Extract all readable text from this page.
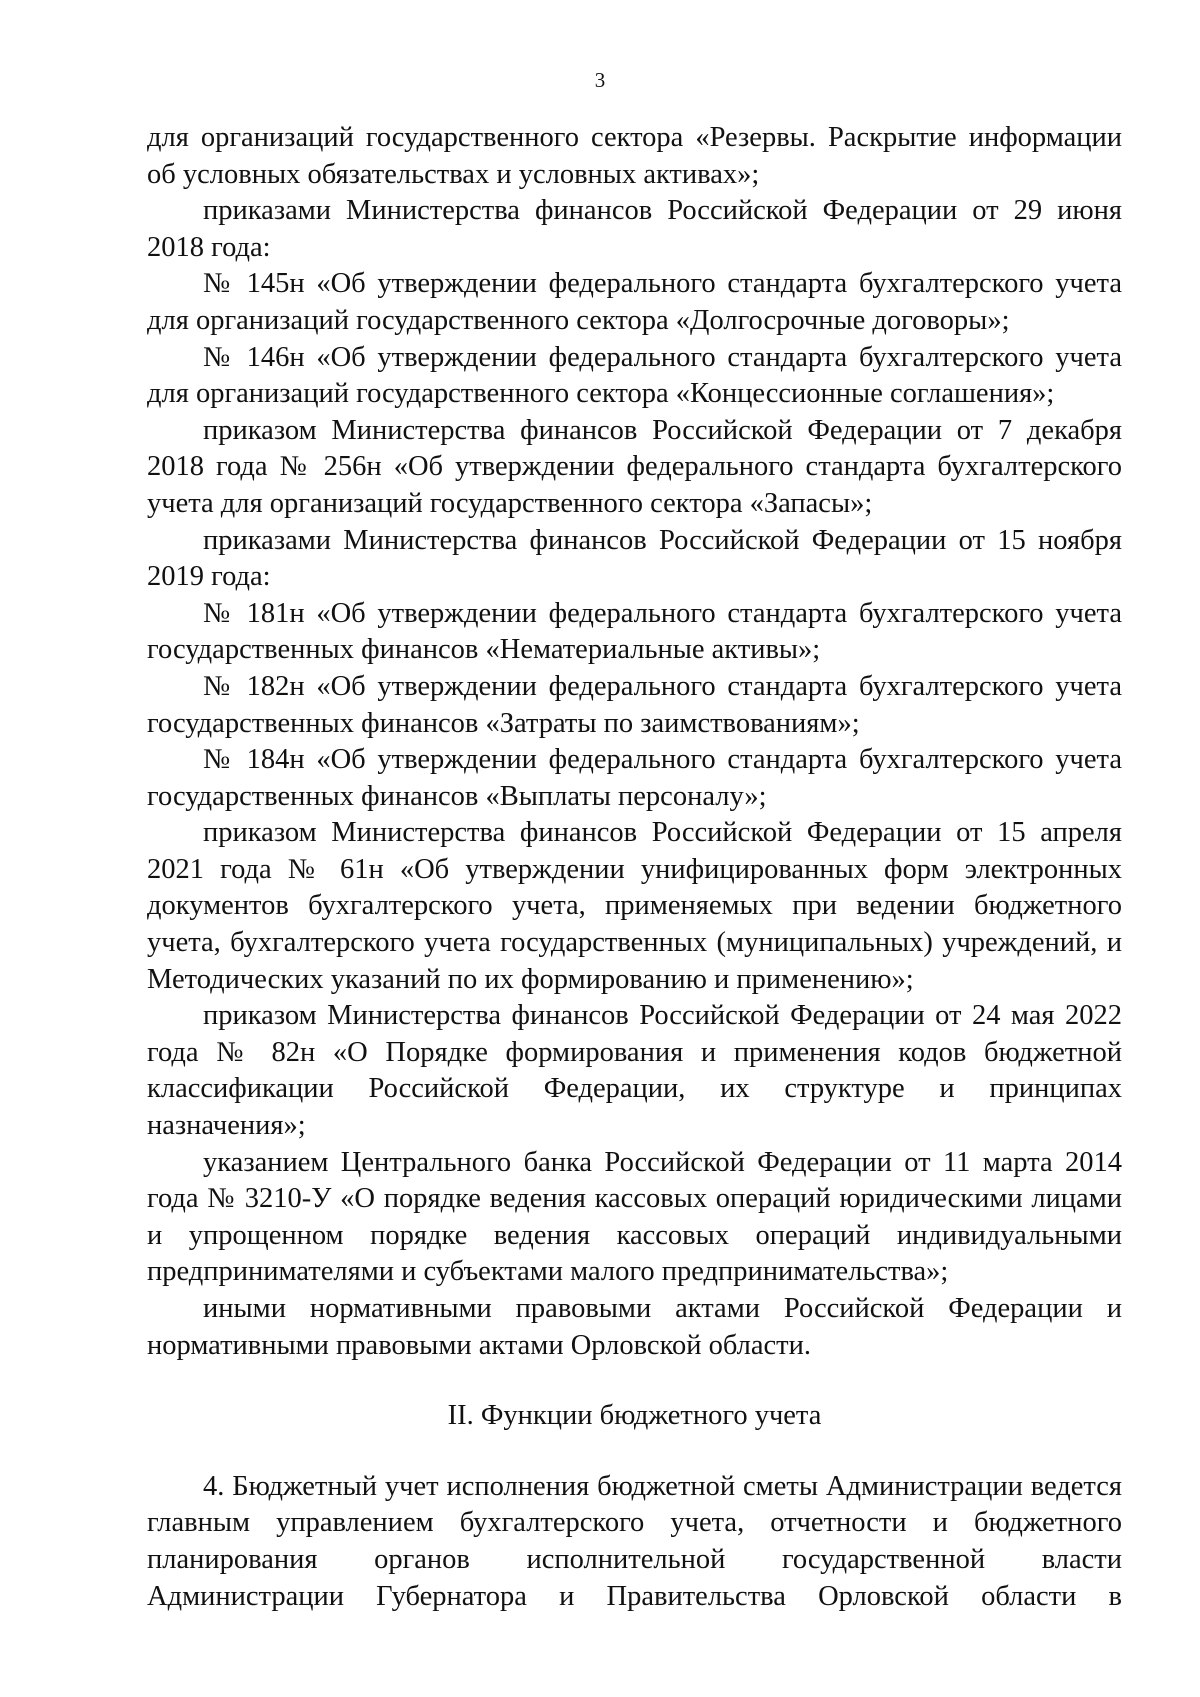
3

для организаций государственного сектора «Резервы. Раскрытие информации об условных обязательствах и условных активах»;

приказами Министерства финансов Российской Федерации от 29 июня 2018 года:

№ 145н «Об утверждении федерального стандарта бухгалтерского учета для организаций государственного сектора «Долгосрочные договоры»;

№ 146н «Об утверждении федерального стандарта бухгалтерского учета для организаций государственного сектора «Концессионные соглашения»;

приказом Министерства финансов Российской Федерации от 7 декабря 2018 года № 256н «Об утверждении федерального стандарта бухгалтерского учета для организаций государственного сектора «Запасы»;

приказами Министерства финансов Российской Федерации от 15 ноября 2019 года:

№ 181н «Об утверждении федерального стандарта бухгалтерского учета государственных финансов «Нематериальные активы»;

№ 182н «Об утверждении федерального стандарта бухгалтерского учета государственных финансов «Затраты по заимствованиям»;

№ 184н «Об утверждении федерального стандарта бухгалтерского учета государственных финансов «Выплаты персоналу»;

приказом Министерства финансов Российской Федерации от 15 апреля 2021 года № 61н «Об утверждении унифицированных форм электронных документов бухгалтерского учета, применяемых при ведении бюджетного учета, бухгалтерского учета государственных (муниципальных) учреждений, и Методических указаний по их формированию и применению»;

приказом Министерства финансов Российской Федерации от 24 мая 2022 года № 82н «О Порядке формирования и применения кодов бюджетной классификации Российской Федерации, их структуре и принципах назначения»;

указанием Центрального банка Российской Федерации от 11 марта 2014 года № 3210-У «О порядке ведения кассовых операций юридическими лицами и упрощенном порядке ведения кассовых операций индивидуальными предпринимателями и субъектами малого предпринимательства»;

иными нормативными правовыми актами Российской Федерации и нормативными правовыми актами Орловской области.

II. Функции бюджетного учета

4. Бюджетный учет исполнения бюджетной сметы Администрации ведется главным управлением бухгалтерского учета, отчетности и бюджетного планирования органов исполнительной государственной власти Администрации Губернатора и Правительства Орловской области в
